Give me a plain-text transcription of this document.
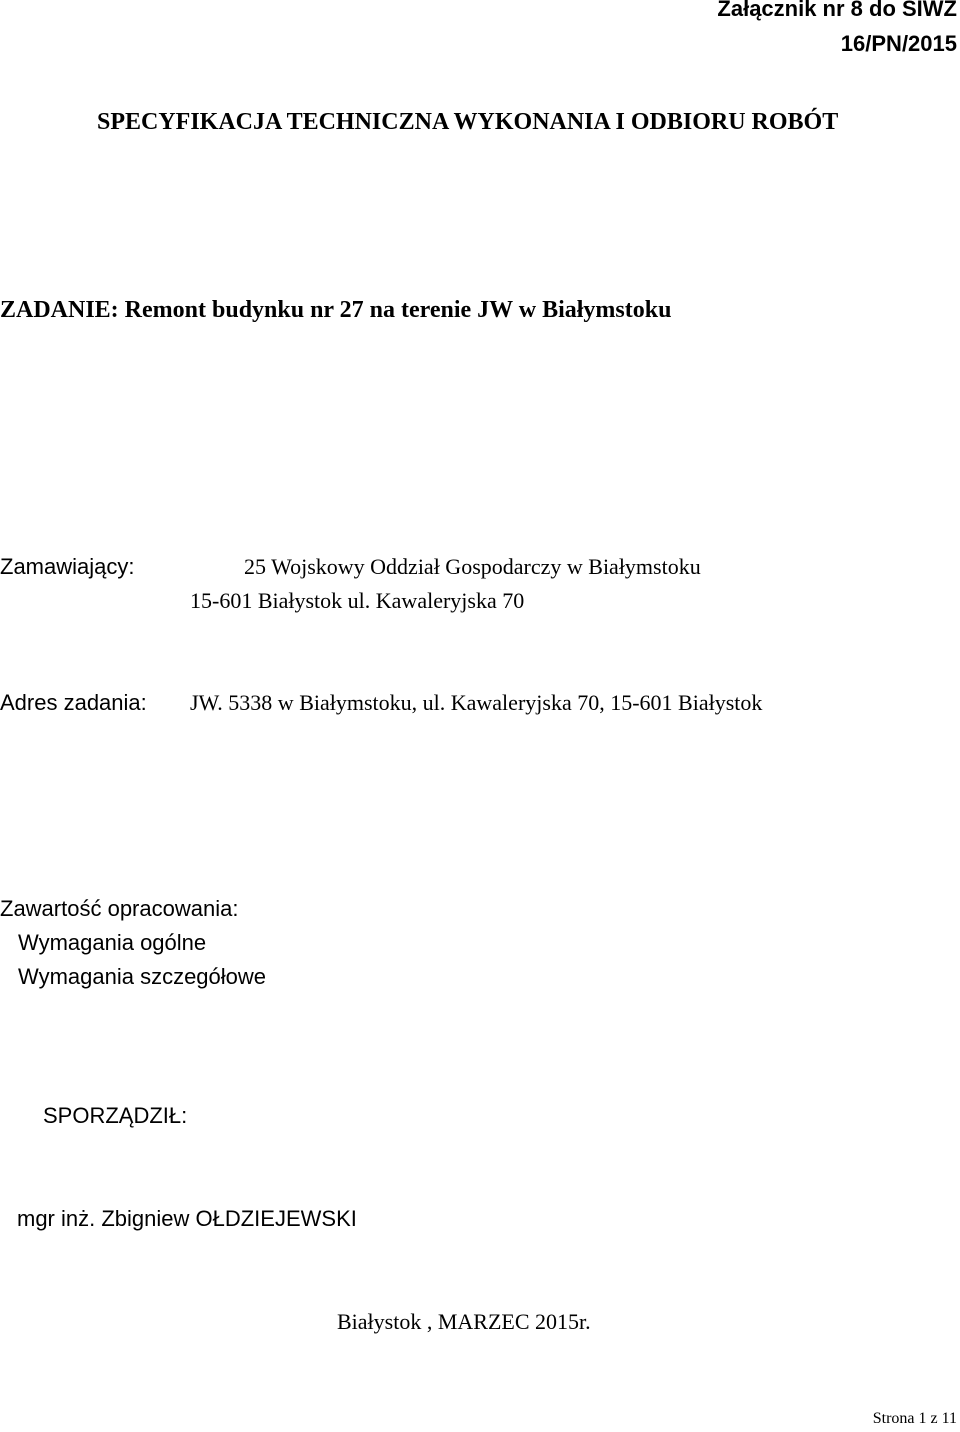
Załącznik nr 8 do SIWZ
16/PN/2015
SPECYFIKACJA TECHNICZNA WYKONANIA I ODBIORU ROBÓT
ZADANIE: Remont budynku nr 27 na terenie JW w Białymstoku
Zamawiający:	25 Wojskowy Oddział Gospodarczy w Białymstoku
15-601 Białystok ul. Kawaleryjska 70
Adres zadania: JW. 5338 w Białymstoku, ul. Kawaleryjska 70, 15-601 Białystok
Zawartość opracowania:
Wymagania ogólne
Wymagania szczegółowe
SPORZĄDZIŁ:
mgr inż. Zbigniew OŁDZIEJEWSKI
Białystok , MARZEC 2015r.
Strona 1 z 11
